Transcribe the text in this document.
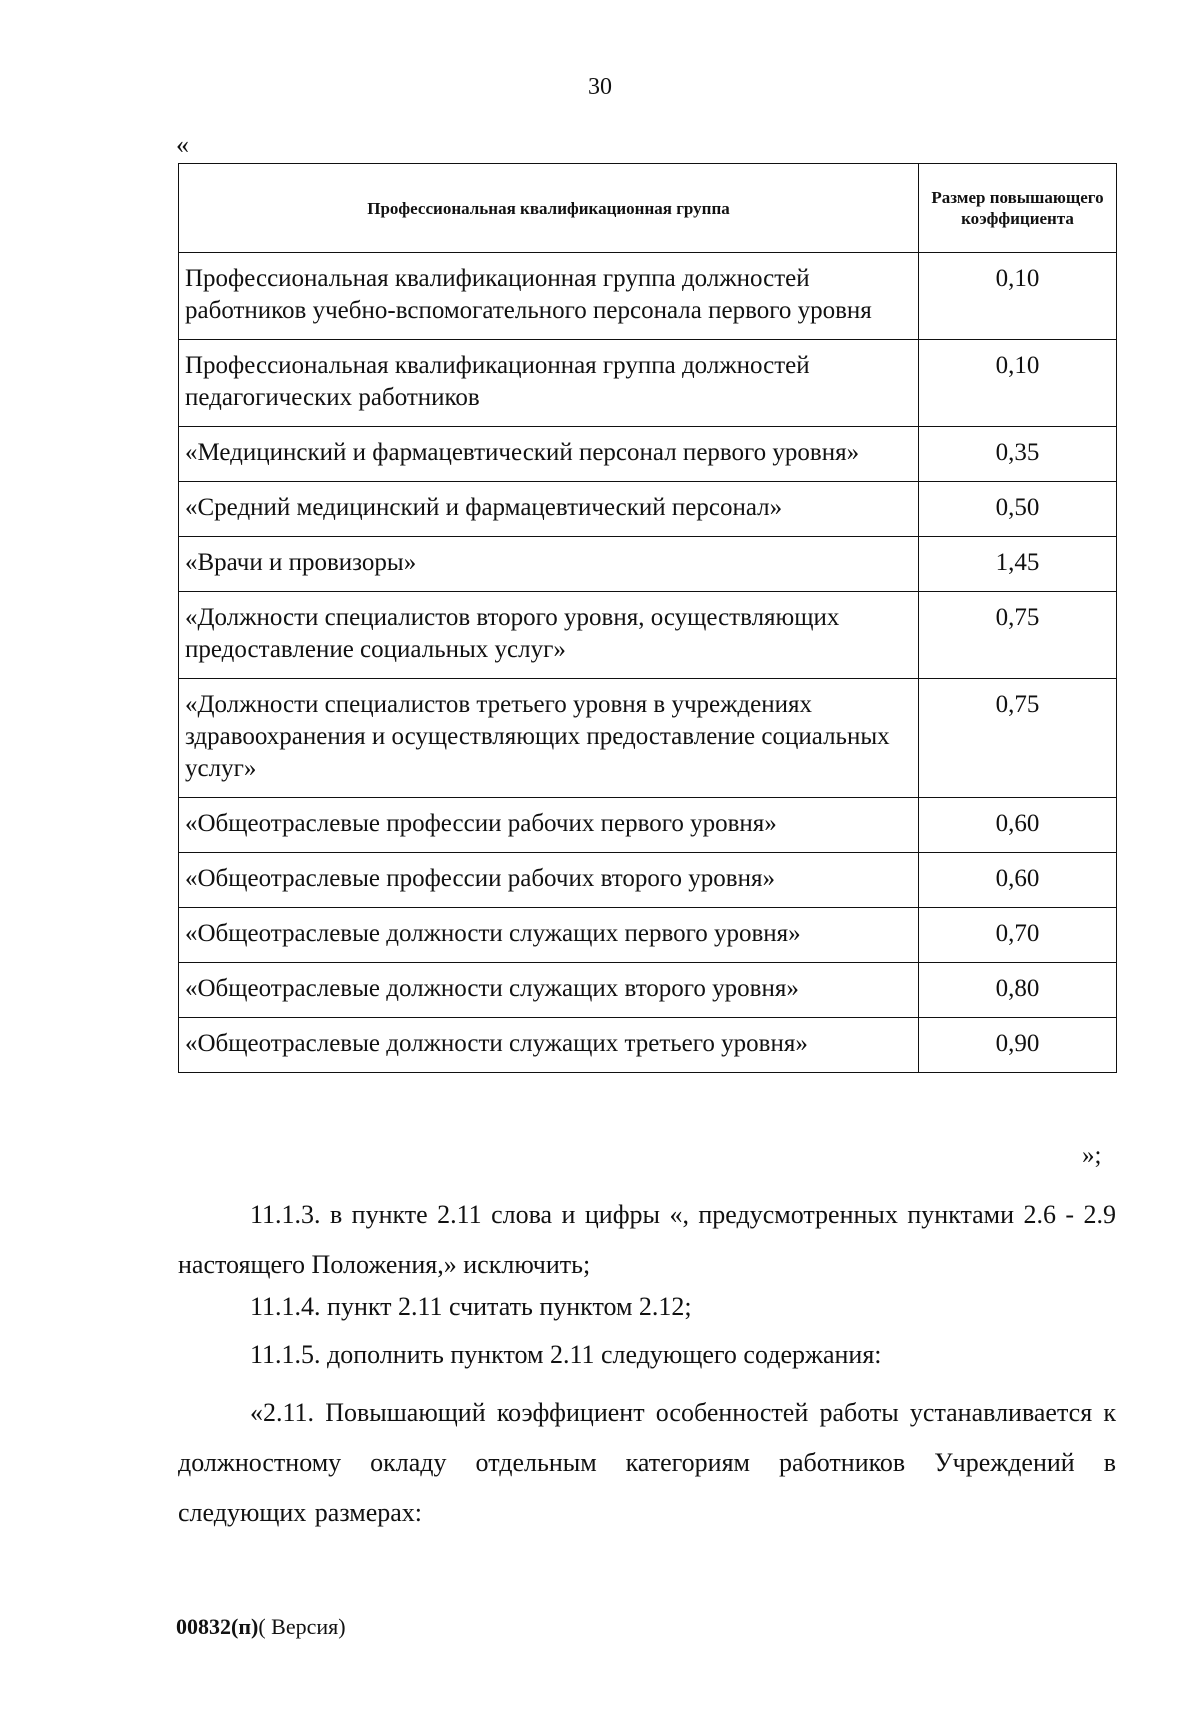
30
«
Профессиональная квалификационная группа	Размер повышающего коэффициента
Профессиональная квалификационная группа должностей работников учебно-вспомогательного персонала первого уровня	0,10
Профессиональная квалификационная группа должностей педагогических работников	0,10
«Медицинский и фармацевтический персонал первого уровня»	0,35
«Средний медицинский и фармацевтический персонал»	0,50
«Врачи и провизоры»	1,45
«Должности специалистов второго уровня, осуществляющих предоставление социальных услуг»	0,75
«Должности специалистов третьего уровня в учреждениях здравоохранения и осуществляющих предоставление социальных услуг»	0,75
«Общеотраслевые профессии рабочих первого уровня»	0,60
«Общеотраслевые профессии рабочих второго уровня»	0,60
«Общеотраслевые должности служащих первого уровня»	0,70
«Общеотраслевые должности служащих второго уровня»	0,80
«Общеотраслевые должности служащих третьего уровня»	0,90
»;

11.1.3. в пункте 2.11 слова и цифры «, предусмотренных пунктами 2.6 - 2.9 настоящего Положения,» исключить;

11.1.4. пункт 2.11 считать пунктом 2.12;

11.1.5. дополнить пунктом 2.11 следующего содержания:

«2.11. Повышающий коэффициент особенностей работы устанавливается к должностному окладу отдельным категориям работников Учреждений в следующих размерах:

00832(п)( Версия)
